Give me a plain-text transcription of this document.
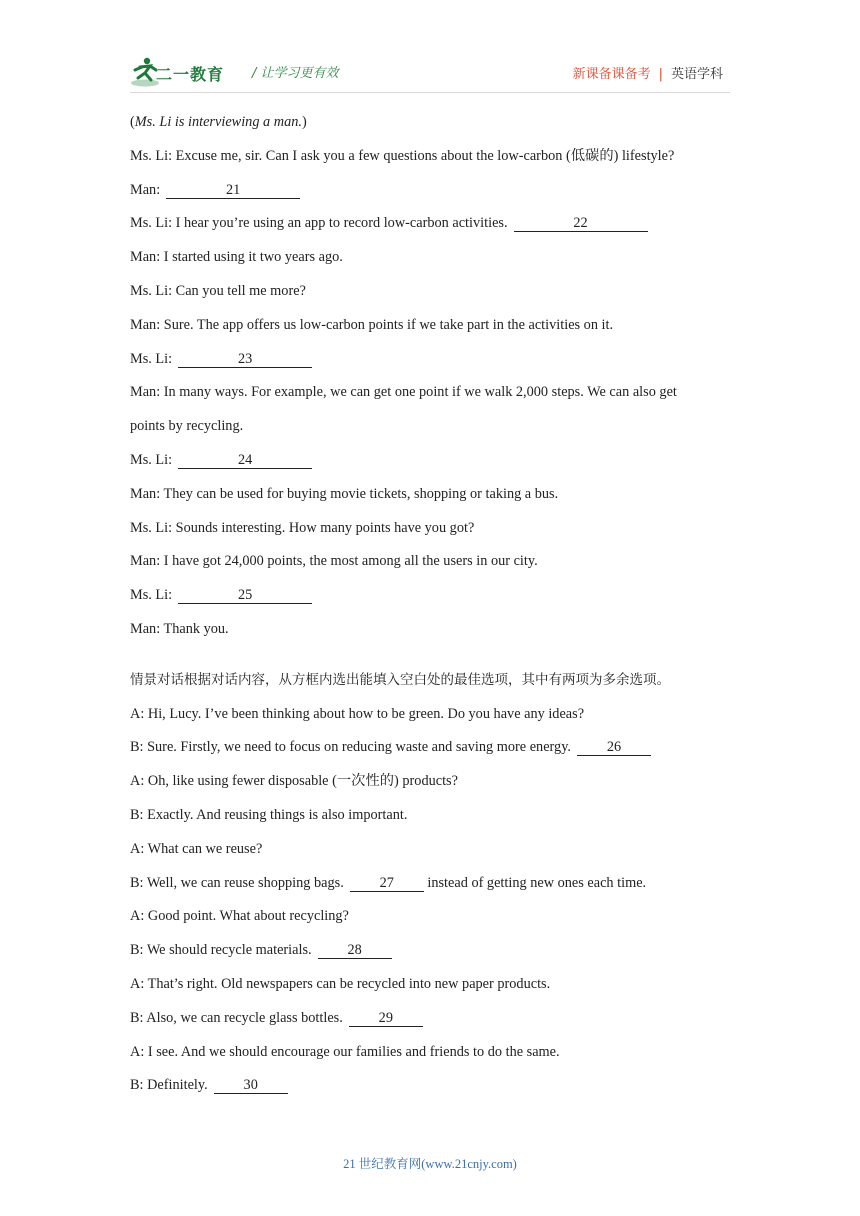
二一教育 / 让学习更有效	新课备课备考 | 英语学科
(Ms. Li is interviewing a man.)
Ms. Li: Excuse me, sir. Can I ask you a few questions about the low-carbon (低碳的) lifestyle?
Man:	21
Ms. Li: I hear you’re using an app to record low-carbon activities.	22
Man: I started using it two years ago.
Ms. Li: Can you tell me more?
Man: Sure. The app offers us low-carbon points if we take part in the activities on it.
Ms. Li:	23
Man: In many ways. For example, we can get one point if we walk 2,000 steps. We can also get
points by recycling.
Ms. Li:	24
Man: They can be used for buying movie tickets, shopping or taking a bus.
Ms. Li: Sounds interesting. How many points have you got?
Man: I have got 24,000 points, the most among all the users in our city.
Ms. Li:	25
Man: Thank you.
情景对话根据对话内容，从方框内选出能填入空白处的最佳选项，其中有两项为多余选项。
A: Hi, Lucy. I’ve been thinking about how to be green. Do you have any ideas?
B: Sure. Firstly, we need to focus on reducing waste and saving more energy.	26
A: Oh, like using fewer disposable (一次性的) products?
B: Exactly. And reusing things is also important.
A: What can we reuse?
B: Well, we can reuse shopping bags.	27 instead of getting new ones each time.
A: Good point. What about recycling?
B: We should recycle materials.	28
A: That’s right. Old newspapers can be recycled into new paper products.
B: Also, we can recycle glass bottles.	29
A: I see. And we should encourage our families and friends to do the same.
B: Definitely.	30
21 世纪教育网(www.21cnjy.com)
